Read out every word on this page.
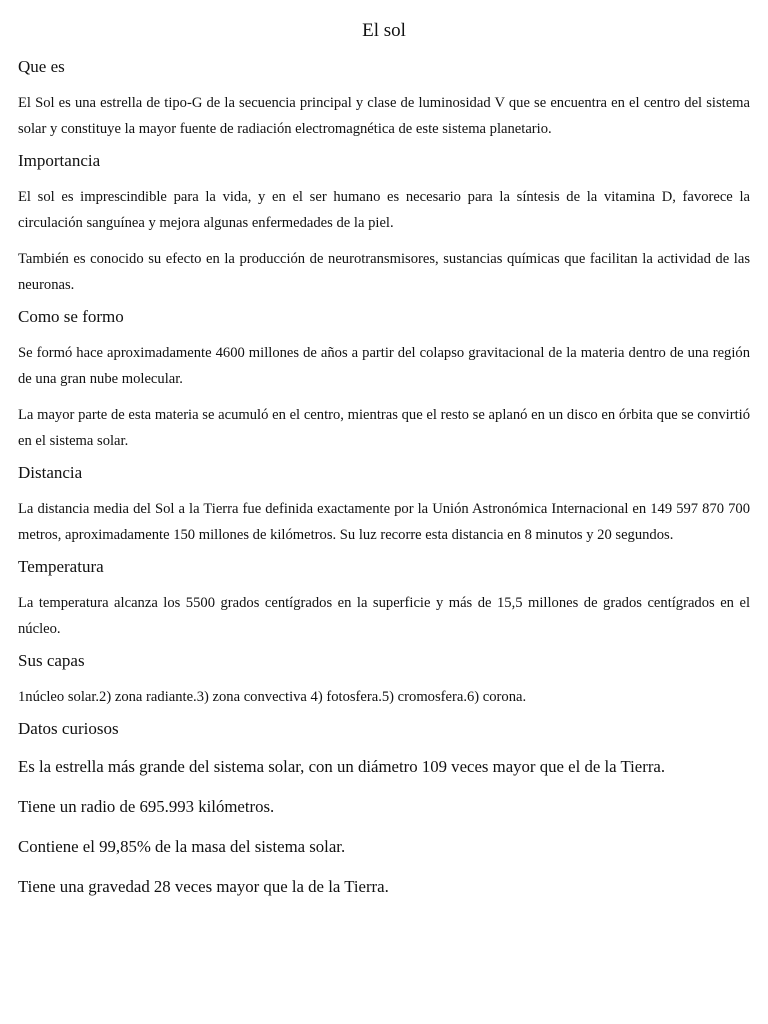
El sol
Que es

El Sol es una estrella de tipo-G de la secuencia principal y clase de luminosidad V que se encuentra en el centro del sistema solar y constituye la mayor fuente de radiación electromagnética de este sistema planetario.

Importancia

El sol es imprescindible para la vida, y en el ser humano es necesario para la síntesis de la vitamina D, favorece la circulación sanguínea y mejora algunas enfermedades de la piel.

También es conocido su efecto en la producción de neurotransmisores, sustancias químicas que facilitan la actividad de las neuronas.

Como se formo

Se formó hace aproximadamente 4600 millones de años a partir del colapso gravitacional de la materia dentro de una región de una gran nube molecular.

La mayor parte de esta materia se acumuló en el centro, mientras que el resto se aplanó en un disco en órbita que se convirtió en el sistema solar.

Distancia

La distancia media del Sol a la Tierra fue definida exactamente por la Unión Astronómica Internacional en 149 597 870 700 metros, aproximadamente 150 millones de kilómetros. Su luz recorre esta distancia en 8 minutos y 20 segundos.

Temperatura

La temperatura alcanza los 5500 grados centígrados en la superficie y más de 15,5 millones de grados centígrados en el núcleo.

Sus capas

1núcleo solar.2) zona radiante.3) zona convectiva 4) fotosfera.5) cromosfera.6) corona.

Datos curiosos

Es la estrella más grande del sistema solar, con un diámetro 109 veces mayor que el de la Tierra.

Tiene un radio de 695.993 kilómetros.

Contiene el 99,85% de la masa del sistema solar.

Tiene una gravedad 28 veces mayor que la de la Tierra.
